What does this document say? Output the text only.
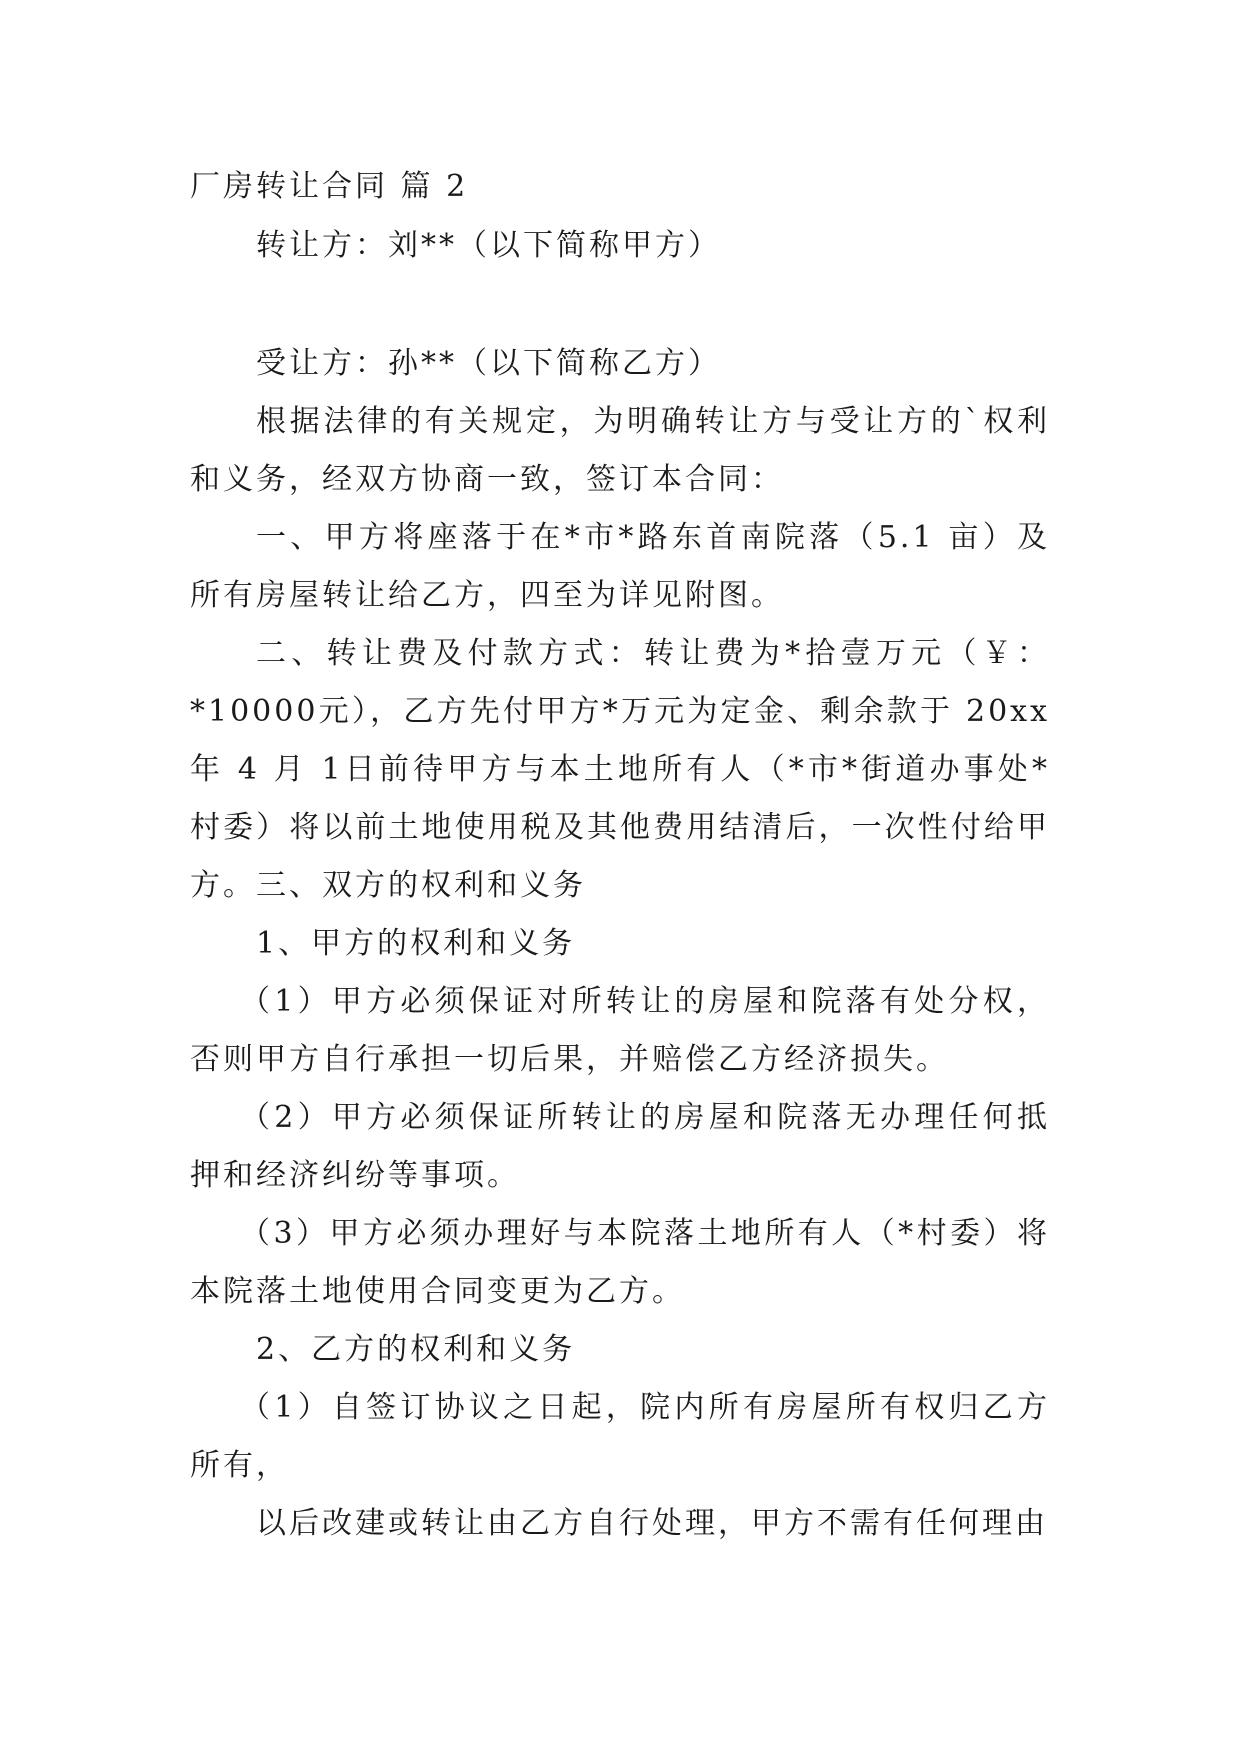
厂房转让合同 篇 2
转让方：刘**（以下简称甲方）
受让方：孙**（以下简称乙方）
根据法律的有关规定，为明确转让方与受让方的`权利和义务，经双方协商一致，签订本合同：
一、甲方将座落于在*市*路东首南院落（5.1 亩）及所有房屋转让给乙方，四至为详见附图。
二、转让费及付款方式：转让费为*拾壹万元（￥：*10000元），乙方先付甲方*万元为定金、剩余款于 20xx 年 4 月 1日前待甲方与本土地所有人（*市*街道办事处*村委）将以前土地使用税及其他费用结清后，一次性付给甲方。 三、双方的权利和义务
1、甲方的权利和义务
（1）甲方必须保证对所转让的房屋和院落有处分权，否则甲方自行承担一切后果，并赔偿乙方经济损失。
（2）甲方必须保证所转让的房屋和院落无办理任何抵押和经济纠纷等事项。
（3）甲方必须办理好与本院落土地所有人（*村委）将本院落土地使用合同变更为乙方。
2、乙方的权利和义务
（1）自签订协议之日起，院内所有房屋所有权归乙方所有，
以后改建或转让由乙方自行处理，甲方不需有任何理由
